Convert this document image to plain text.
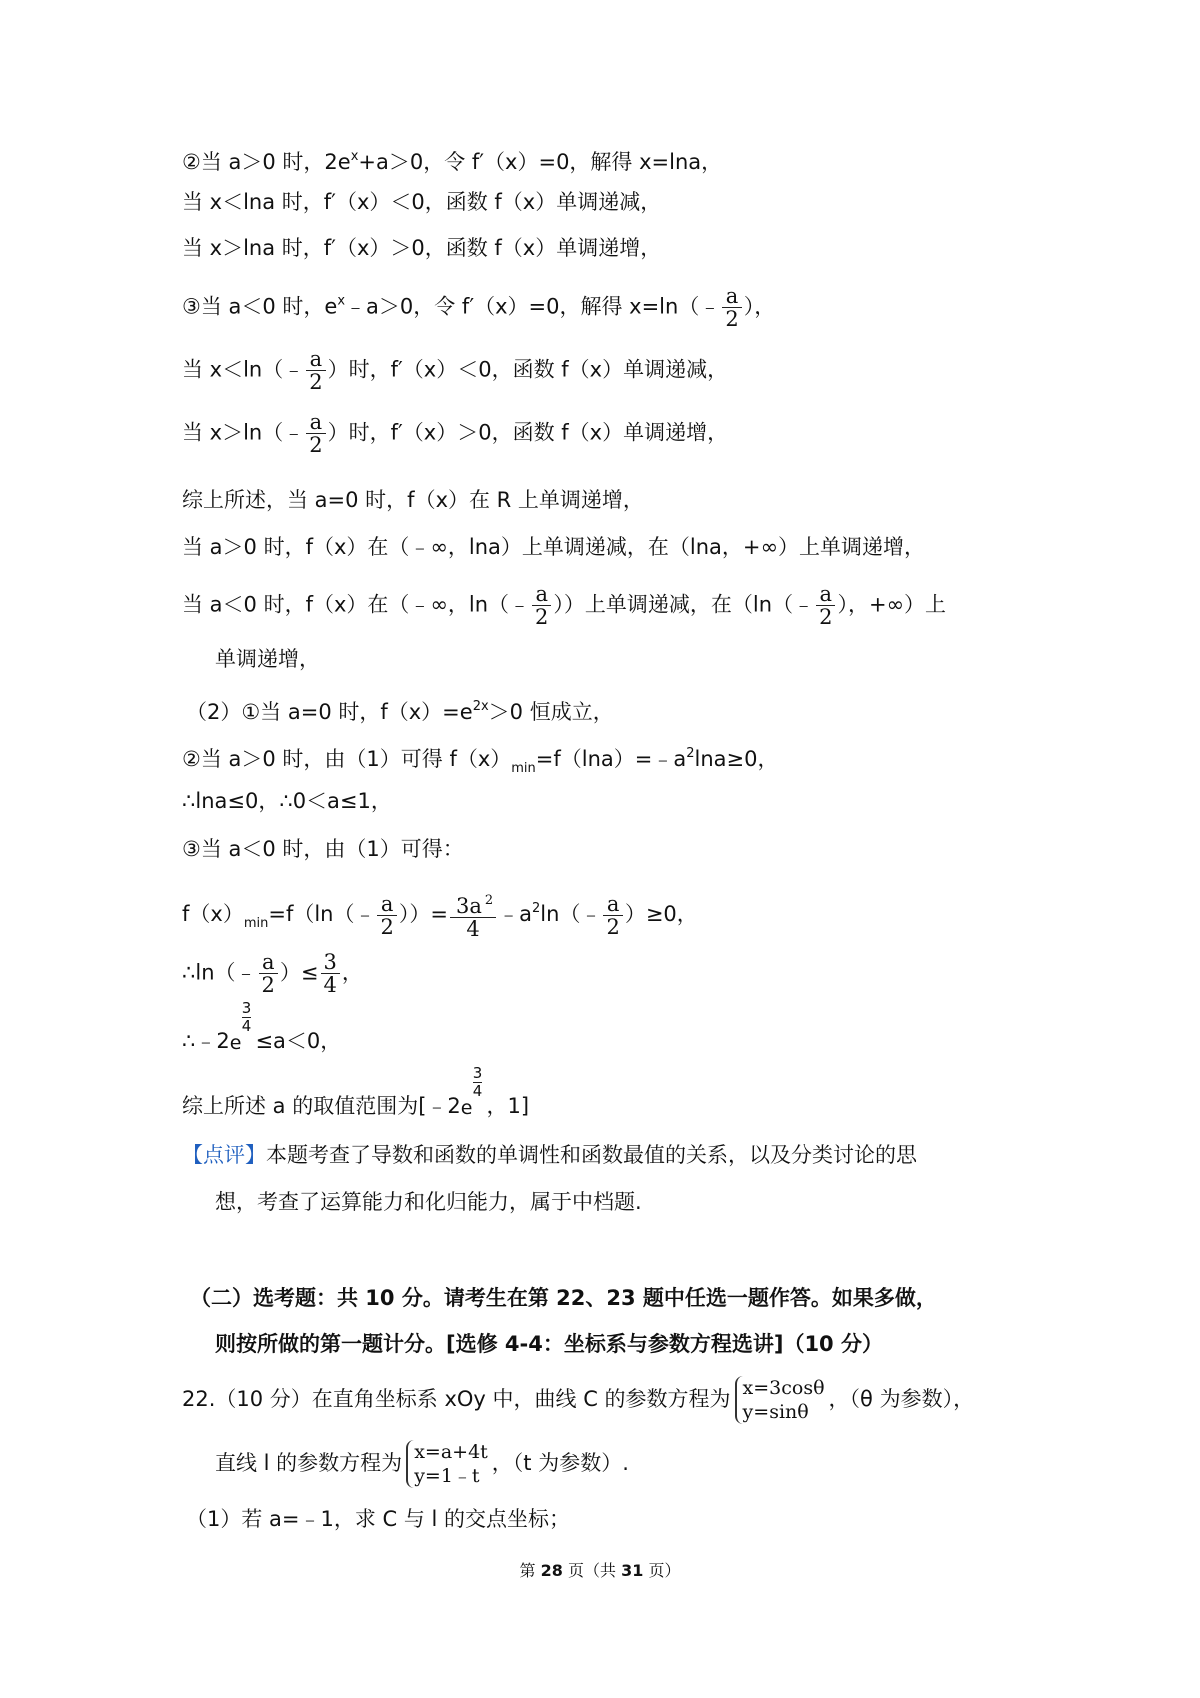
②当 a＞0 时，$2e^x+a>0$，令 f′（x）=0，解得 x=lna，
当 x＜lna 时，f′（x）＜0，函数 f（x）单调递减，
当 x＞lna 时，f′（x）＞0，函数 f（x）单调递增，
③当 a＜0 时，$e^x﹣a>0$，令 f′（x）=0，解得 x=ln（﹣ $\frac{a}{2}$ ），
当 x＜ln（﹣ $\frac{a}{2}$ ）时，f′（x）＜0，函数 f（x）单调递减，
当 x＞ln（﹣ $\frac{a}{2}$ ）时，f′（x）＞0，函数 f（x）单调递增，
综上所述，当 a=0 时，f（x）在 R 上单调递增，
当 a＞0 时，f（x）在（﹣∞，lna）上单调递减，在（lna，+∞）上单调递增，
当 a＜0 时，f（x）在（﹣∞，ln（﹣ $\frac{a}{2}$ ））上单调递减，在（ln（﹣ $\frac{a}{2}$ ），+∞）上
单调递增，
（2）①当 a=0 时，$f(x)=e^{2x}>0$ 恒成立，
②当 a＞0 时，由（1）可得 $f(x)_{min}=f(\ln a)=﹣a^2\ln a\ge 0$，
∴lna≤0，∴0＜a≤1，
③当 a＜0 时，由（1）可得：
$f(x)_{min}=f(\ln(﹣ \frac{a}{2}$ ））= $\frac{3a ^2}{4}$ $﹣a^2\ln(﹣ \frac{a}{2} )\ge 0$，
∴ln（﹣ $\frac{a}{2}$ ）≤ $\frac{3}{4}$ ，
∴﹣2e
3
4
≤a＜0，
综上所述 a 的取值范围为[﹣2e
3
4
，1]
【点评】本题考查了导数和函数的单调性和函数最值的关系，以及分类讨论的思
想，考查了运算能力和化归能力，属于中档题.
（二）选考题：共 10 分。请考生在第 22、23 题中任选一题作答。如果多做，
则按所做的第一题计分。[选修 4-4：坐标系与参数方程选讲]（10 分）
22.（10 分）在直角坐标系 xOy 中，曲线 C 的参数方程为 x=3cosθ
y=sinθ
，（θ 为参数），
直线 l 的参数方程为 x=a+4t
y=1﹣t
，（t 为参数）.
（1）若 a=﹣1，求 C 与 l 的交点坐标；
第 28 页（共 31 页）
